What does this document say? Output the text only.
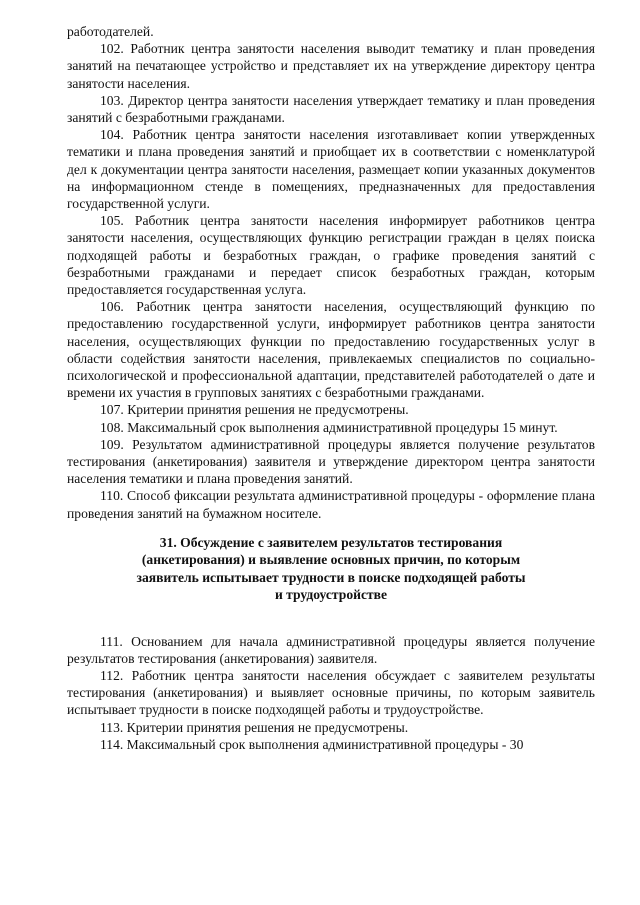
работодателей.

102. Работник центра занятости населения выводит тематику и план проведения занятий на печатающее устройство и представляет их на утверждение директору центра занятости населения.

103. Директор центра занятости населения утверждает тематику и план проведения занятий с безработными гражданами.

104. Работник центра занятости населения изготавливает копии утвержденных тематики и плана проведения занятий и приобщает их в соответствии с номенклатурой дел к документации центра занятости населения, размещает копии указанных документов на информационном стенде в помещениях, предназначенных для предоставления государственной услуги.

105. Работник центра занятости населения информирует работников центра занятости населения, осуществляющих функцию регистрации граждан в целях поиска подходящей работы и безработных граждан, о графике проведения занятий с безработными гражданами и передает список безработных граждан, которым предоставляется государственная услуга.

106. Работник центра занятости населения, осуществляющий функцию по предоставлению государственной услуги, информирует работников центра занятости населения, осуществляющих функции по предоставлению государственных услуг в области содействия занятости населения, привлекаемых специалистов по социально-психологической и профессиональной адаптации, представителей работодателей о дате и времени их участия в групповых занятиях с безработными гражданами.

107. Критерии принятия решения не предусмотрены.

108. Максимальный срок выполнения административной процедуры 15 минут.

109. Результатом административной процедуры является получение результатов тестирования (анкетирования) заявителя и утверждение директором центра занятости населения тематики и плана проведения занятий.

110. Способ фиксации результата административной процедуры - оформление плана проведения занятий на бумажном носителе.

31. Обсуждение с заявителем результатов тестирования
(анкетирования) и выявление основных причин, по которым
заявитель испытывает трудности в поиске подходящей работы
и трудоустройстве

111. Основанием для начала административной процедуры является получение результатов тестирования (анкетирования) заявителя.

112. Работник центра занятости населения обсуждает с заявителем результаты тестирования (анкетирования) и выявляет основные причины, по которым заявитель испытывает трудности в поиске подходящей работы и трудоустройстве.

113. Критерии принятия решения не предусмотрены.

114. Максимальный срок выполнения административной процедуры - 30
